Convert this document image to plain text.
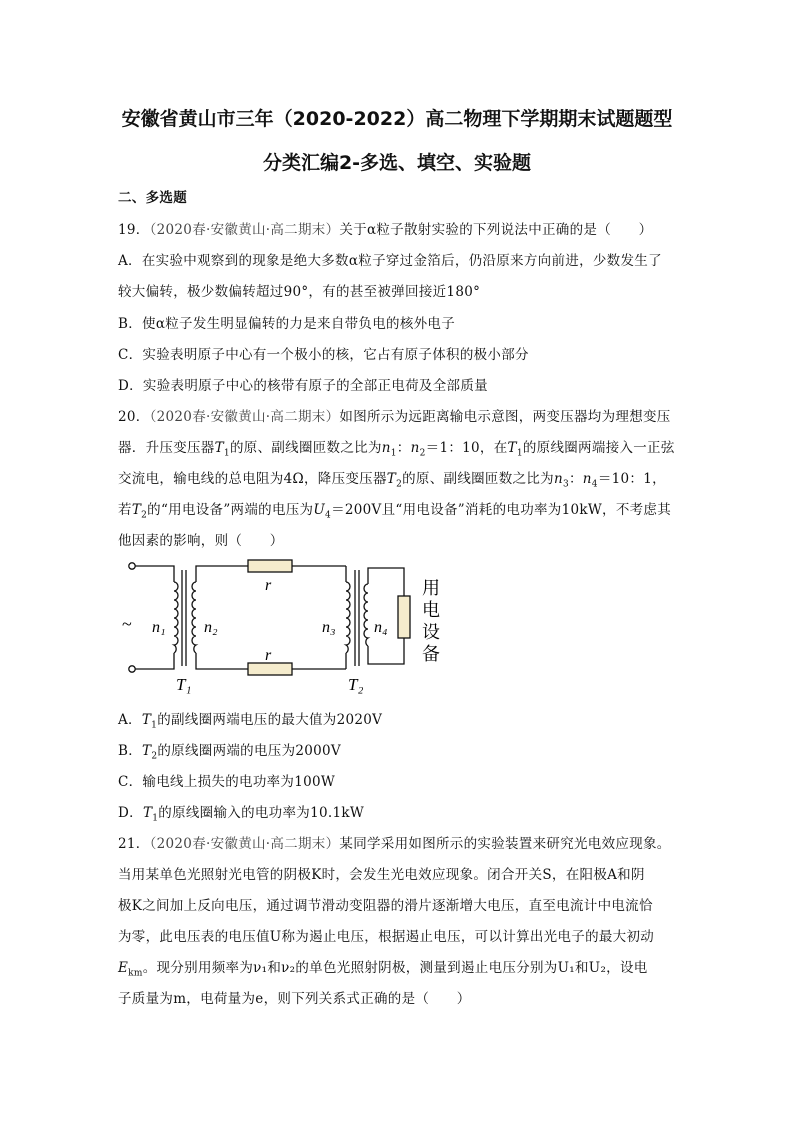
安徽省黄山市三年（2020-2022）高二物理下学期期末试题题型
分类汇编2-多选、填空、实验题
二、多选题
19．（2020春·安徽黄山·高二期末）关于α粒子散射实验的下列说法中正确的是（　　）
A．在实验中观察到的现象是绝大多数α粒子穿过金箔后，仍沿原来方向前进，少数发生了
较大偏转，极少数偏转超过90°，有的甚至被弹回接近180°
B．使α粒子发生明显偏转的力是来自带负电的核外电子
C．实验表明原子中心有一个极小的核，它占有原子体积的极小部分
D．实验表明原子中心的核带有原子的全部正电荷及全部质量
20．（2020春·安徽黄山·高二期末）如图所示为远距离输电示意图，两变压器均为理想变压
器．升压变压器$T_1$的原、副线圈匝数之比为$n_1$：$n_2=1$：10，在$T_1$的原线圈两端接入一正弦
交流电，输电线的总电阻为4Ω，降压变压器$T_2$的原、副线圈匝数之比为$n_3$：$n_4=10$：1，
若$T_2$的“用电设备”两端的电压为$U_4=200V$且“用电设备”消耗的电功率为10kW，不考虑其
他因素的影响，则（　　）
~
r
r
n₁ n₂	n₃ n₄
T₁	T₂
用
电
设
备
A．$T_1$的副线圈两端电压的最大值为2020V
B．$T_2$的原线圈两端的电压为2000V
C．输电线上损失的电功率为100W
D．$T_1$的原线圈输入的电功率为10.1kW
21．（2020春·安徽黄山·高二期末）某同学采用如图所示的实验装置来研究光电效应现象。
当用某单色光照射光电管的阴极K时，会发生光电效应现象。闭合开关S，在阳极A和阴
极K之间加上反向电压，通过调节滑动变阻器的滑片逐渐增大电压，直至电流计中电流恰
为零，此电压表的电压值U称为遏止电压，根据遏止电压，可以计算出光电子的最大初动
$E_{km}$。现分别用频率为ν₁和ν₂的单色光照射阴极，测量到遏止电压分别为U₁和U₂，设电
子质量为m，电荷量为e，则下列关系式正确的是（　　）
